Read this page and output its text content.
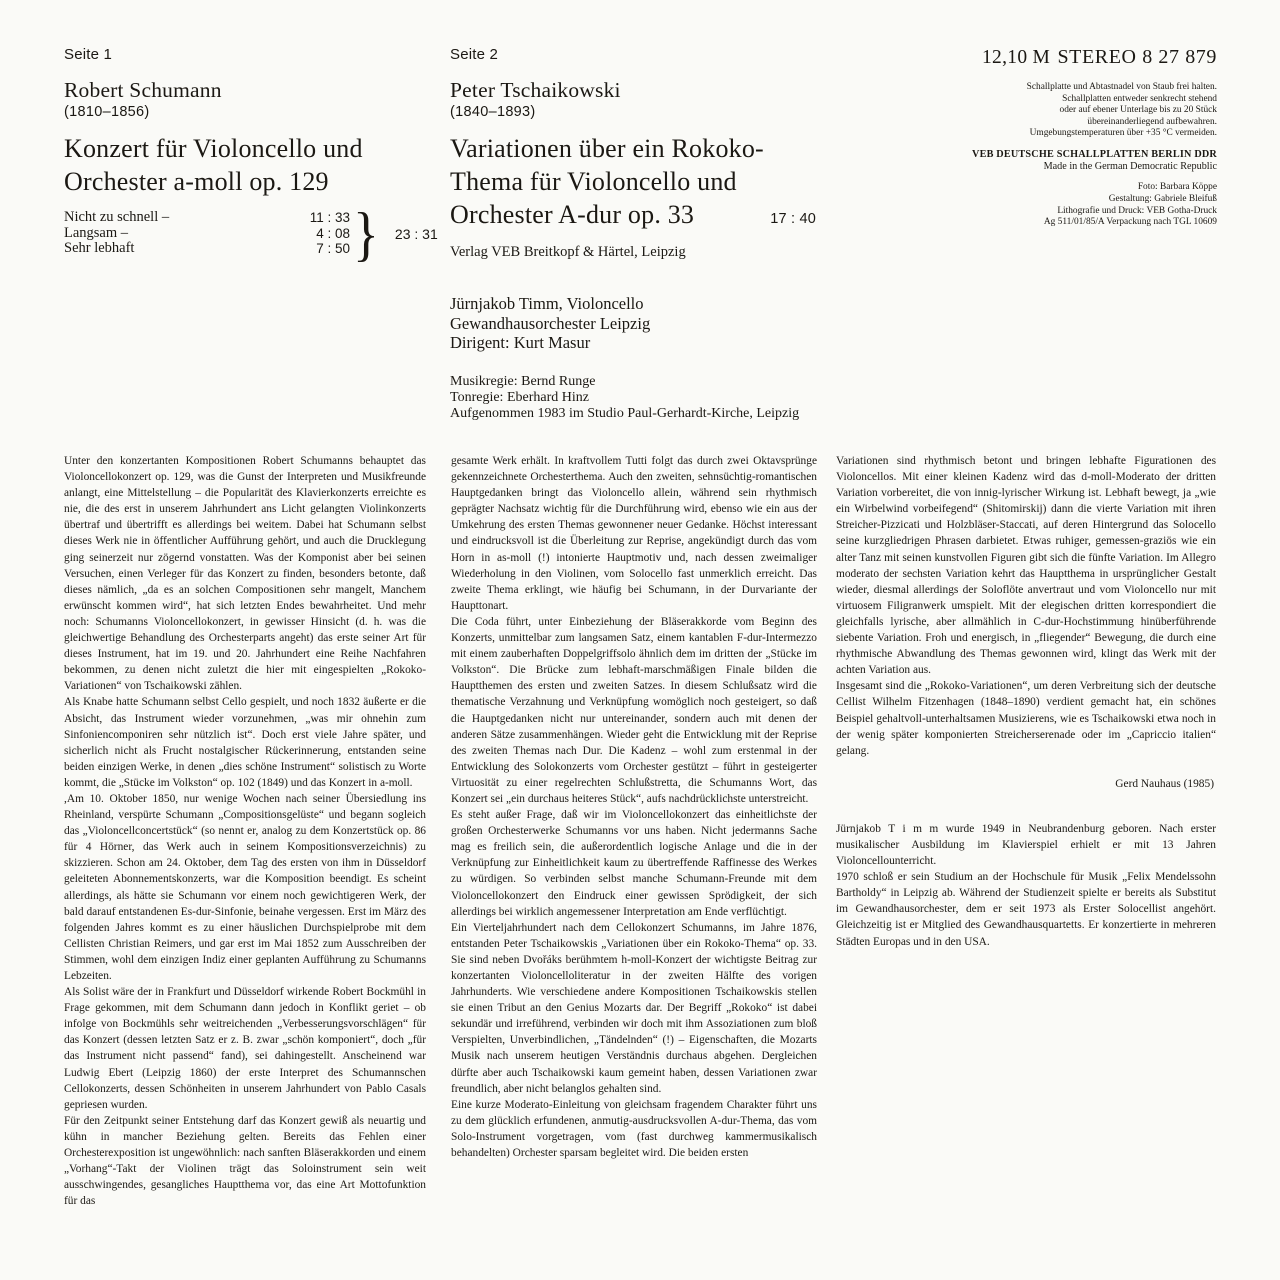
Seite 1
Robert Schumann
(1810–1856)
Konzert für Violoncello und
Orchester a-moll op. 129
Nicht zu schnell –	11 : 33
Langsam –	4 : 08
Sehr lebhaft	7 : 50 } 23 : 31
Seite 2
Peter Tschaikowski
(1840–1893)
Variationen über ein Rokoko-
Thema für Violoncello und
Orchester A-dur op. 33	17 : 40
Verlag VEB Breitkopf & Härtel, Leipzig
Jürnjakob Timm, Violoncello
Gewandhausorchester Leipzig
Dirigent: Kurt Masur
Musikregie: Bernd Runge
Tonregie: Eberhard Hinz
Aufgenommen 1983 im Studio Paul-Gerhardt-Kirche, Leipzig
12,10 M STEREO 8 27 879
Schallplatte und Abtastnadel von Staub frei halten.
Schallplatten entweder senkrecht stehend
oder auf ebener Unterlage bis zu 20 Stück
übereinanderliegend aufbewahren.
Umgebungstemperaturen über +35 °C vermeiden.
VEB DEUTSCHE SCHALLPLATTEN BERLIN DDR
Made in the German Democratic Republic
Foto: Barbara Köppe
Gestaltung: Gabriele Bleifuß
Lithografie und Druck: VEB Gotha-Druck
Ag 511/01/85/A Verpackung nach TGL 10609

Unter den konzertanten Kompositionen Robert Schumanns behauptet das Violoncellokonzert op. 129, was die Gunst der Interpreten und Musikfreunde anlangt, eine Mittelstellung – die Popularität des Klavierkonzerts erreichte es nie, die des erst in unserem Jahrhundert ans Licht gelangten Violinkonzerts übertraf und übertrifft es allerdings bei weitem. Dabei hat Schumann selbst dieses Werk nie in öffentlicher Aufführung gehört, und auch die Drucklegung ging seinerzeit nur zögernd vonstatten. Was der Komponist aber bei seinen Versuchen, einen Verleger für das Konzert zu finden, besonders betonte, daß dieses nämlich, „da es an solchen Compositionen sehr mangelt, Manchem erwünscht kommen wird“, hat sich letzten Endes bewahrheitet. Und mehr noch: Schumanns Violoncellokonzert, in gewisser Hinsicht (d. h. was die gleichwertige Behandlung des Orchesterparts angeht) das erste seiner Art für dieses Instrument, hat im 19. und 20. Jahrhundert eine Reihe Nachfahren bekommen, zu denen nicht zuletzt die hier mit eingespielten „Rokoko-Variationen“ von Tschaikowski zählen.

Als Knabe hatte Schumann selbst Cello gespielt, und noch 1832 äußerte er die Absicht, das Instrument wieder vorzunehmen, „was mir ohnehin zum Sinfoniencomponiren sehr nützlich ist“. Doch erst viele Jahre später, und sicherlich nicht als Frucht nostalgischer Rückerinnerung, entstanden seine beiden einzigen Werke, in denen „dies schöne Instrument“ solistisch zu Worte kommt, die „Stücke im Volkston“ op. 102 (1849) und das Konzert in a-moll.

,Am 10. Oktober 1850, nur wenige Wochen nach seiner Übersiedlung ins Rheinland, verspürte Schumann „Compositionsgelüste“ und begann sogleich das „Violoncellconcertstück“ (so nennt er, analog zu dem Konzertstück op. 86 für 4 Hörner, das Werk auch in seinem Kompositionsverzeichnis) zu skizzieren. Schon am 24. Oktober, dem Tag des ersten von ihm in Düsseldorf geleiteten Abonnementskonzerts, war die Komposition beendigt. Es scheint allerdings, als hätte sie Schumann vor einem noch gewichtigeren Werk, der bald darauf entstandenen Es-dur-Sinfonie, beinahe vergessen. Erst im März des folgenden Jahres kommt es zu einer häuslichen Durchspielprobe mit dem Cellisten Christian Reimers, und gar erst im Mai 1852 zum Ausschreiben der Stimmen, wohl dem einzigen Indiz einer geplanten Aufführung zu Schumanns Lebzeiten.

Als Solist wäre der in Frankfurt und Düsseldorf wirkende Robert Bockmühl in Frage gekommen, mit dem Schumann dann jedoch in Konflikt geriet – ob infolge von Bockmühls sehr weitreichenden „Verbesserungsvorschlägen“ für das Konzert (dessen letzten Satz er z. B. zwar „schön komponiert“, doch „für das Instrument nicht passend“ fand), sei dahingestellt. Anscheinend war Ludwig Ebert (Leipzig 1860) der erste Interpret des Schumannschen Cellokonzerts, dessen Schönheiten in unserem Jahrhundert von Pablo Casals gepriesen wurden.

Für den Zeitpunkt seiner Entstehung darf das Konzert gewiß als neuartig und kühn in mancher Beziehung gelten. Bereits das Fehlen einer Orchesterexposition ist ungewöhnlich: nach sanften Bläserakkorden und einem „Vorhang“-Takt der Violinen trägt das Soloinstrument sein weit ausschwingendes, gesangliches Hauptthema vor, das eine Art Mottofunktion für das

gesamte Werk erhält. In kraftvollem Tutti folgt das durch zwei Oktavsprünge gekennzeichnete Orchesterthema. Auch den zweiten, sehnsüchtig-romantischen Hauptgedanken bringt das Violoncello allein, während sein rhythmisch geprägter Nachsatz wichtig für die Durchführung wird, ebenso wie ein aus der Umkehrung des ersten Themas gewonnener neuer Gedanke. Höchst interessant und eindrucksvoll ist die Überleitung zur Reprise, angekündigt durch das vom Horn in as-moll (!) intonierte Hauptmotiv und, nach dessen zweimaliger Wiederholung in den Violinen, vom Solocello fast unmerklich erreicht. Das zweite Thema erklingt, wie häufig bei Schumann, in der Durvariante der Haupttonart.

Die Coda führt, unter Einbeziehung der Bläserakkorde vom Beginn des Konzerts, unmittelbar zum langsamen Satz, einem kantablen F-dur-Intermezzo mit einem zauberhaften Doppelgriffsolo ähnlich dem im dritten der „Stücke im Volkston“. Die Brücke zum lebhaft-marschmäßigen Finale bilden die Hauptthemen des ersten und zweiten Satzes. In diesem Schlußsatz wird die thematische Verzahnung und Verknüpfung womöglich noch gesteigert, so daß die Hauptgedanken nicht nur untereinander, sondern auch mit denen der anderen Sätze zusammenhängen. Wieder geht die Entwicklung mit der Reprise des zweiten Themas nach Dur. Die Kadenz – wohl zum erstenmal in der Entwicklung des Solokonzerts vom Orchester gestützt – führt in gesteigerter Virtuosität zu einer regelrechten Schlußstretta, die Schumanns Wort, das Konzert sei „ein durchaus heiteres Stück“, aufs nachdrücklichste unterstreicht.

Es steht außer Frage, daß wir im Violoncellokonzert das einheitlichste der großen Orchesterwerke Schumanns vor uns haben. Nicht jedermanns Sache mag es freilich sein, die außerordentlich logische Anlage und die in der Verknüpfung zur Einheitlichkeit kaum zu übertreffende Raffinesse des Werkes zu würdigen. So verbinden selbst manche Schumann-Freunde mit dem Violoncellokonzert den Eindruck einer gewissen Sprödigkeit, der sich allerdings bei wirklich angemessener Interpretation am Ende verflüchtigt.

Ein Vierteljahrhundert nach dem Cellokonzert Schumanns, im Jahre 1876, entstanden Peter Tschaikowskis „Variationen über ein Rokoko-Thema“ op. 33. Sie sind neben Dvořáks berühmtem h-moll-Konzert der wichtigste Beitrag zur konzertanten Violoncelloliteratur in der zweiten Hälfte des vorigen Jahrhunderts. Wie verschiedene andere Kompositionen Tschaikowskis stellen sie einen Tribut an den Genius Mozarts dar. Der Begriff „Rokoko“ ist dabei sekundär und irreführend, verbinden wir doch mit ihm Assoziationen zum bloß Verspielten, Unverbindlichen, „Tändelnden“ (!) – Eigenschaften, die Mozarts Musik nach unserem heutigen Verständnis durchaus abgehen. Dergleichen dürfte aber auch Tschaikowski kaum gemeint haben, dessen Variationen zwar freundlich, aber nicht belanglos gehalten sind.

Eine kurze Moderato-Einleitung von gleichsam fragendem Charakter führt uns zu dem glücklich erfundenen, anmutig-ausdrucksvollen A-dur-Thema, das vom Solo-Instrument vorgetragen, vom (fast durchweg kammermusikalisch behandelten) Orchester sparsam begleitet wird. Die beiden ersten

Variationen sind rhythmisch betont und bringen lebhafte Figurationen des Violoncellos. Mit einer kleinen Kadenz wird das d-moll-Moderato der dritten Variation vorbereitet, die von innig-lyrischer Wirkung ist. Lebhaft bewegt, ja „wie ein Wirbelwind vorbeifegend“ (Shitomirskij) dann die vierte Variation mit ihren Streicher-Pizzicati und Holzbläser-Staccati, auf deren Hintergrund das Solocello seine kurzgliedrigen Phrasen darbietet. Etwas ruhiger, gemessen-graziös wie ein alter Tanz mit seinen kunstvollen Figuren gibt sich die fünfte Variation. Im Allegro moderato der sechsten Variation kehrt das Hauptthema in ursprünglicher Gestalt wieder, diesmal allerdings der Soloflöte anvertraut und vom Violoncello nur mit virtuosem Filigranwerk umspielt. Mit der elegischen dritten korrespondiert die gleichfalls lyrische, aber allmählich in C-dur-Hochstimmung hinüberführende siebente Variation. Froh und energisch, in „fliegender“ Bewegung, die durch eine rhythmische Abwandlung des Themas gewonnen wird, klingt das Werk mit der achten Variation aus.

Insgesamt sind die „Rokoko-Variationen“, um deren Verbreitung sich der deutsche Cellist Wilhelm Fitzenhagen (1848–1890) verdient gemacht hat, ein schönes Beispiel gehaltvoll-unterhaltsamen Musizierens, wie es Tschaikowski etwa noch in der wenig später komponierten Streicherserenade oder im „Capriccio italien“ gelang.

Gerd Nauhaus (1985)

Jürnjakob T i m m wurde 1949 in Neubrandenburg geboren. Nach erster musikalischer Ausbildung im Klavierspiel erhielt er mit 13 Jahren Violoncellounterricht.

1970 schloß er sein Studium an der Hochschule für Musik „Felix Mendelssohn Bartholdy“ in Leipzig ab. Während der Studienzeit spielte er bereits als Substitut im Gewandhausorchester, dem er seit 1973 als Erster Solocellist angehört. Gleichzeitig ist er Mitglied des Gewandhausquartetts. Er konzertierte in mehreren Städten Europas und in den USA.
